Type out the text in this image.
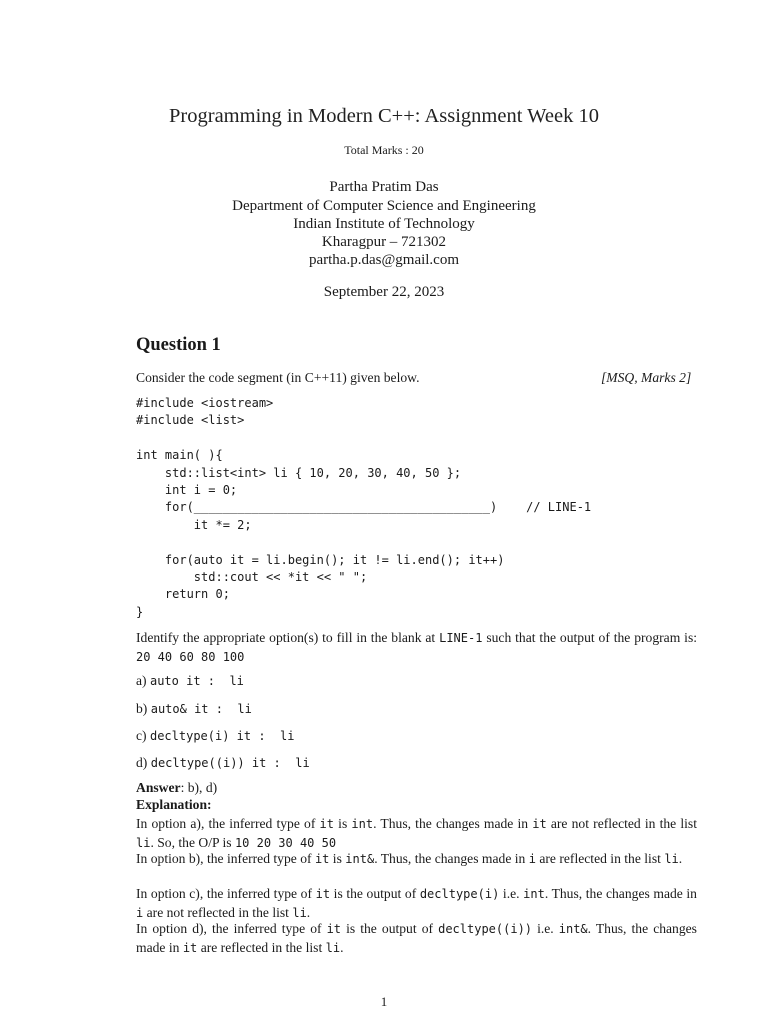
Programming in Modern C++: Assignment Week 10
Total Marks : 20
Partha Pratim Das
Department of Computer Science and Engineering
Indian Institute of Technology
Kharagpur – 721302
partha.p.das@gmail.com
September 22, 2023
Question 1
Consider the code segment (in C++11) given below.	[MSQ, Marks 2]
#include <iostream>
#include <list>

int main( ){
std::list<int> li { 10, 20, 30, 40, 50 };
int i = 0;
for(_________________________________________)    // LINE-1
it *= 2;

for(auto it = li.begin(); it != li.end(); it++)
std::cout << *it << " ";
return 0;
}
Identify the appropriate option(s) to fill in the blank at LINE-1 such that the output of the program is: 20 40 60 80 100
a) auto it :  li
b) auto& it :  li
c) decltype(i) it :  li
d) decltype((i)) it :  li
Answer: b), d)
Explanation:
In option a), the inferred type of it is int. Thus, the changes made in it are not reflected in the list li. So, the O/P is 10 20 30 40 50
In option b), the inferred type of it is int&. Thus, the changes made in i are reflected in the list li.
In option c), the inferred type of it is the output of decltype(i) i.e. int. Thus, the changes made in i are not reflected in the list li.
In option d), the inferred type of it is the output of decltype((i)) i.e. int&. Thus, the changes made in it are reflected in the list li.
1
